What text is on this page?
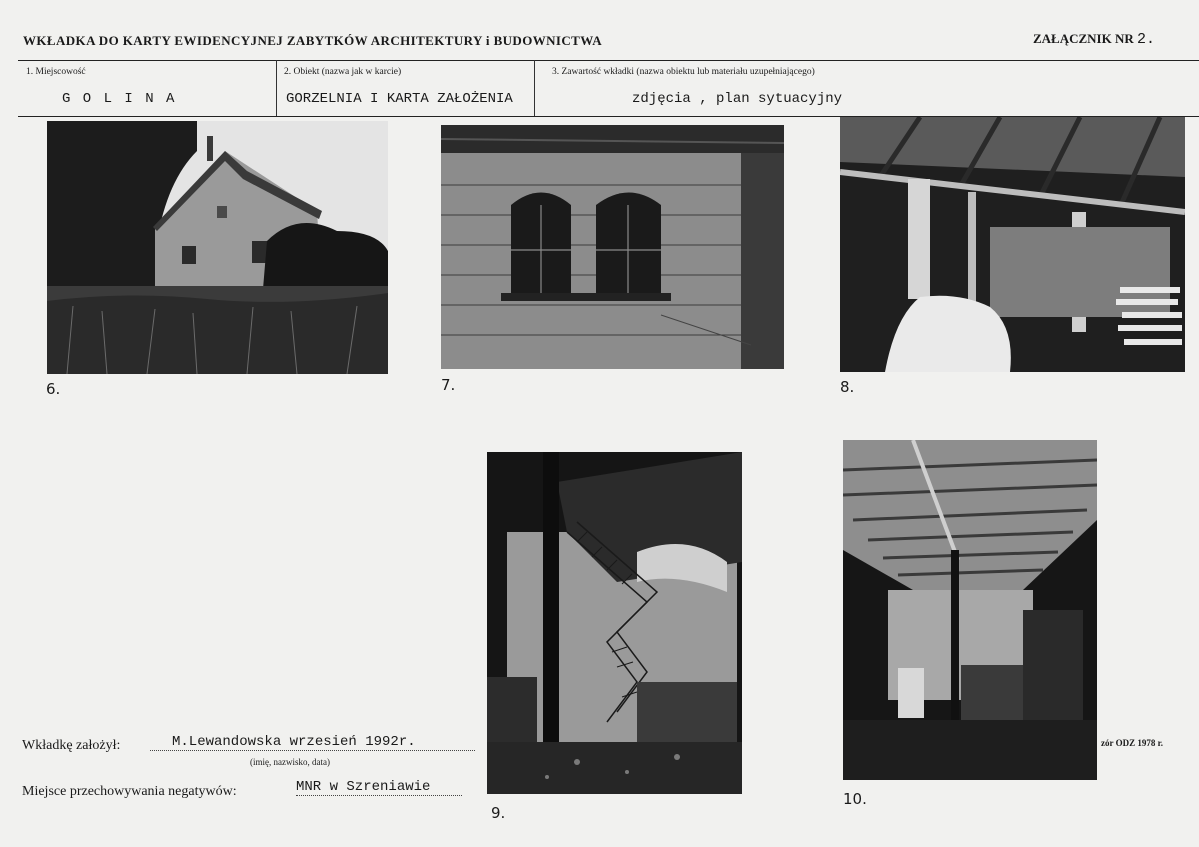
WKŁADKA DO KARTY EWIDENCYJNEJ ZABYTKÓW ARCHITEKTURY i BUDOWNICTWA	ZAŁĄCZNIK NR 2.
1. Miejscowość
G O L I N A
2. Obiekt (nazwa jak w karcie)
GORZELNIA I KARTA ZAŁOŻENIA
3. Zawartość wkładki (nazwa obiektu lub materiału uzupełniającego)
zdjęcia , plan sytuacyjny
6.	7.	8.
9.
10.
Wkładkę założył:	M.Lewandowska wrzesień 1992r.
(imię, nazwisko, data)
Miejsce przechowywania negatywów:	MNR w Szreniawie
zór ODZ 1978 r.
